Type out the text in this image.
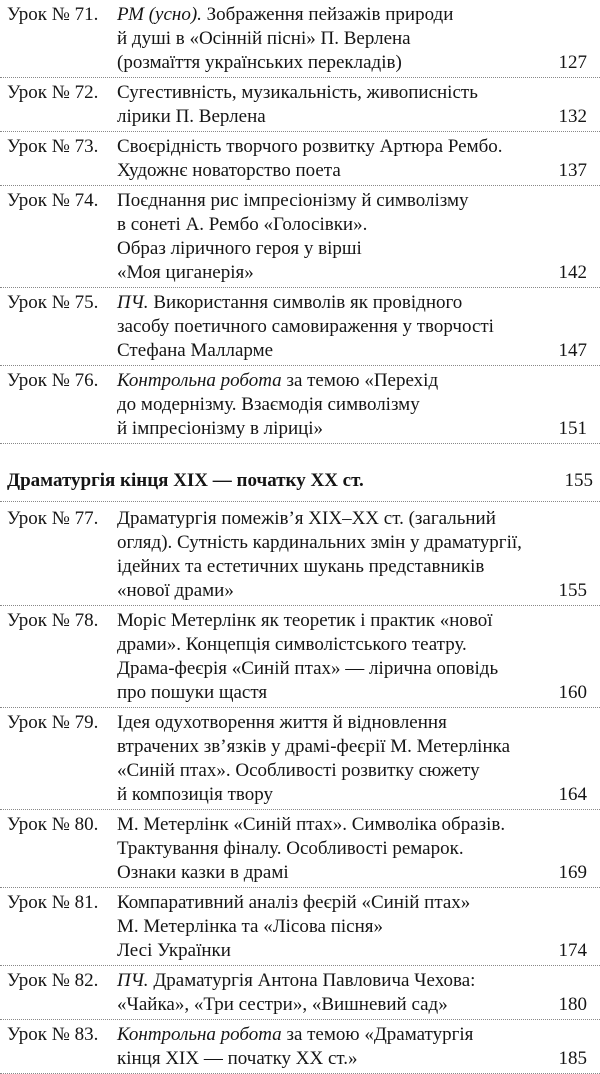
Урок № 71. РМ (усно). Зображення пейзажів природи
й душі в «Осінній пісні» П. Верлена
(розмаїття українських перекладів)	127
Урок № 72. Сугестивність, музикальність, живописність
лірики П. Верлена	132
Урок № 73. Своєрідність творчого розвитку Артюра Рембо.
Художнє новаторство поета	137
Урок № 74. Поєднання рис імпресіонізму й символізму
в сонеті А. Рембо «Голосівки».
Образ ліричного героя у вірші
«Моя циганерія»	142
Урок № 75. ПЧ. Використання символів як провідного
засобу поетичного самовираження у творчості
Стефана Малларме	147
Урок № 76. Контрольна робота за темою «Перехід
до модернізму. Взаємодія символізму
й імпресіонізму в ліриці»	151
Драматургія кінця XIX — початку XX ст.	155
Урок № 77. Драматургія помежів’я XIX–XX ст. (загальний
огляд). Сутність кардинальних змін у драматургії,
ідейних та естетичних шукань представників
«нової драми»	155
Урок № 78. Моріс Метерлінк як теоретик і практик «нової
драми». Концепція символістського театру.
Драма-феєрія «Синій птах» — лірична оповідь
про пошуки щастя	160
Урок № 79. Ідея одухотворення життя й відновлення
втрачених зв’язків у драмі-феєрії М. Метерлінка
«Синій птах». Особливості розвитку сюжету
й композиція твору	164
Урок № 80. М. Метерлінк «Синій птах». Символіка образів.
Трактування фіналу. Особливості ремарок.
Ознаки казки в драмі	169
Урок № 81. Компаративний аналіз феєрій «Синій птах»
М. Метерлінка та «Лісова пісня»
Лесі Українки	174
Урок № 82. ПЧ. Драматургія Антона Павловича Чехова:
«Чайка», «Три сестри», «Вишневий сад»	180
Урок № 83. Контрольна робота за темою «Драматургія
кінця XIX — початку XX ст.»	185
